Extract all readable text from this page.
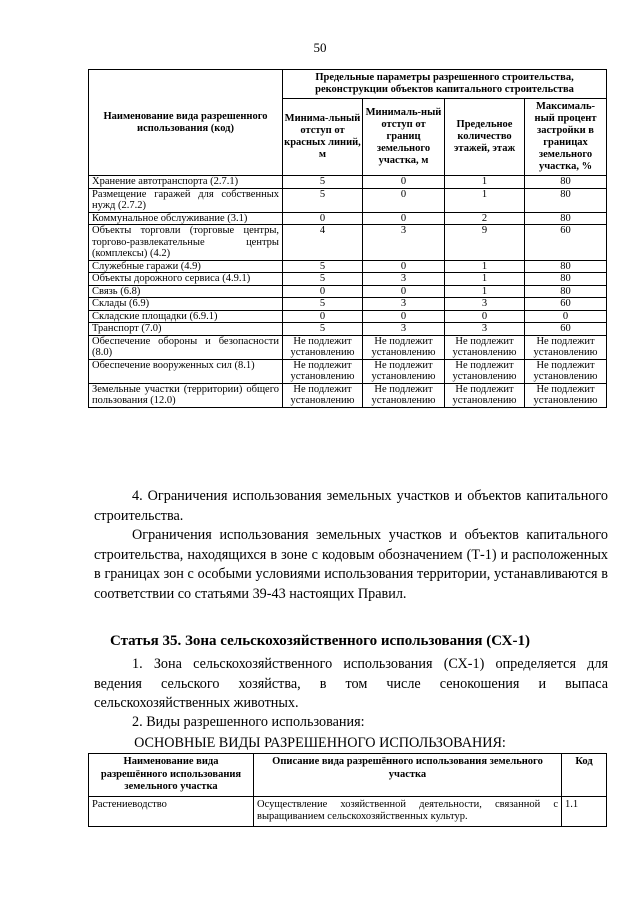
50
Наименование вида разрешенного использования (код)	Предельные параметры разрешенного строительства, реконструкции объектов капитального строительства			
	Минима-льный отступ от красных линий, м	Минималь-ный отступ от границ земельного участка, м	Предельное количество этажей, этаж	Максималь-ный процент застройки в границах земельного участка, %
Хранение автотранспорта (2.7.1)	5	0	1	80
Размещение гаражей для собственных нужд (2.7.2)	5	0	1	80
Коммунальное обслуживание (3.1)	0	0	2	80
Объекты торговли (торговые центры, торгово-развлекательные центры (комплексы) (4.2)	4	3	9	60
Служебные гаражи (4.9)	5	0	1	80
Объекты дорожного сервиса (4.9.1)	5	3	1	80
Связь (6.8)	0	0	1	80
Склады (6.9)	5	3	3	60
Складские площадки (6.9.1)	0	0	0	0
Транспорт (7.0)	5	3	3	60
Обеспечение обороны и безопасности (8.0)	Не подлежит установлению	Не подлежит установлению	Не подлежит установлению	Не подлежит установлению
Обеспечение вооруженных сил (8.1)	Не подлежит установлению	Не подлежит установлению	Не подлежит установлению	Не подлежит установлению
Земельные участки (территории) общего пользования (12.0)	Не подлежит установлению	Не подлежит установлению	Не подлежит установлению	Не подлежит установлению
4. Ограничения использования земельных участков и объектов капитального строительства.
Ограничения использования земельных участков и объектов капитального строительства, находящихся в зоне с кодовым обозначением (Т-1) и расположенных в границах зон с особыми условиями использования территории, устанавливаются в соответствии со статьями 39-43 настоящих Правил.
Статья 35. Зона сельскохозяйственного использования (СХ-1)
1. Зона сельскохозяйственного использования (СХ-1) определяется для ведения сельского хозяйства, в том числе сенокошения и выпаса сельскохозяйственных животных.
2. Виды разрешенного использования:
ОСНОВНЫЕ ВИДЫ РАЗРЕШЕННОГО ИСПОЛЬЗОВАНИЯ:
Наименование вида разрешённого использования земельного участка	Описание вида разрешённого использования земельного участка	Код
Растениеводство	Осуществление хозяйственной деятельности, связанной с выращиванием сельскохозяйственных культур.	1.1
